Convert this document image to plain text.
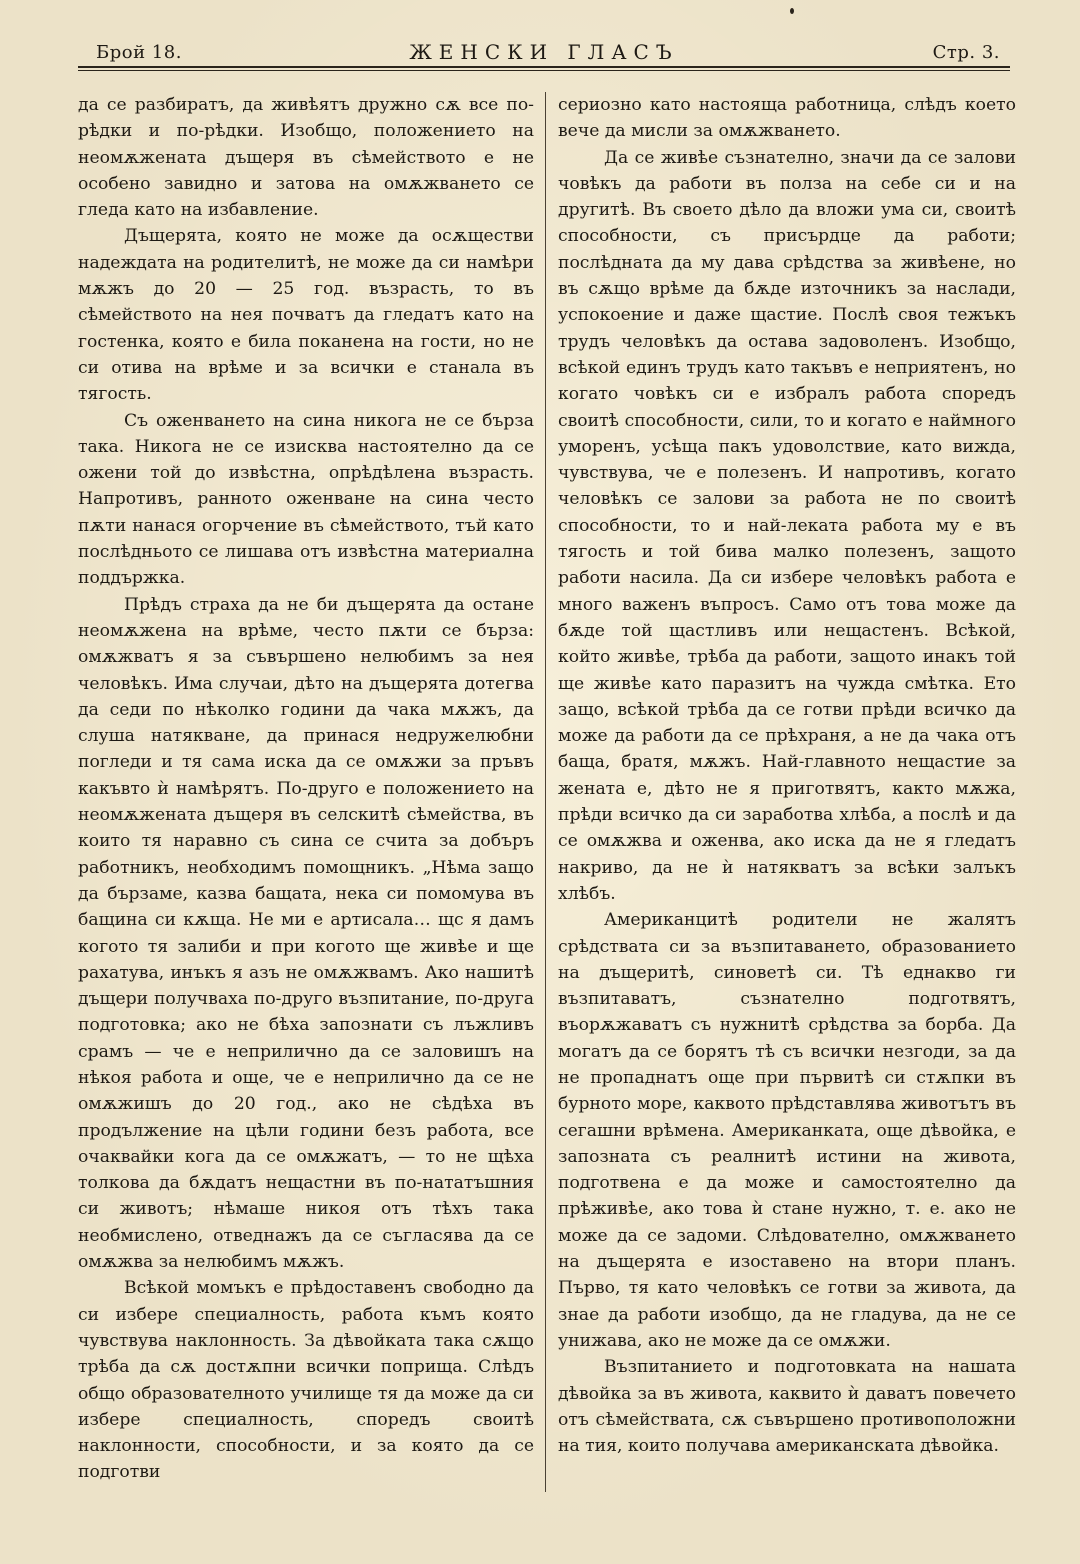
Брой 18.	ЖЕНСКИ ГЛАСЪ	Стр. 3.

да се разбиратъ, да живѣятъ дружно сѫ все по-рѣдки и по-рѣдки. Изобщо, положението на неомѫжената дъщеря въ сѣмейството е не особено завидно и затова на омѫжването се гледа като на избавление.

Дъщерята, която не може да осѫществи надеждата на родителитѣ, не може да си намѣри мѫжъ до 20 — 25 год. възрасть, то въ сѣмейството на нея почватъ да гледатъ като на гостенка, която е била поканена на гости, но не си отива на врѣме и за всички е станала въ тягость.

Съ оженването на сина никога не се бърза така. Никога не се изисква настоятелно да се ожени той до извѣстна, опрѣдѣлена възрасть. Напротивъ, ранното оженване на сина често пѫти нанася огорчение въ сѣмейството, тъй като послѣдньото се лишава отъ извѣстна материална поддържка.

Прѣдъ страха да не би дъщерята да остане неомѫжена на врѣме, често пѫти се бърза: омѫжватъ я за съвършено нелюбимъ за нея человѣкъ. Има случаи, дѣто на дъщерята дотегва да седи по нѣколко години да чака мѫжъ, да слуша натякване, да принася недружелюбни погледи и тя сама иска да се омѫжи за пръвъ какъвто ѝ намѣрятъ. По-другo е положението на неомѫжената дъщеря въ селскитѣ сѣмейства, въ които тя наравно съ сина се счита за добъръ работникъ, необходимъ помощникъ. „Нѣма защо да бързаме, казва бащата, нека си помомува въ бащина си кѫща. Не ми е артисала… щс я дамъ когото тя залиби и при когото ще живѣе и ще рахатува, инъкъ я азъ не омѫжвамъ. Ако нашитѣ дъщери получваха по-друго възпитание, по-друга подготовка; ако не бѣха запознати съ лъжливъ срамъ — че е неприлично да се заловишъ на нѣкоя работа и още, че е неприлично да се не омѫжишъ до 20 год., ако не сѣдѣха въ продължение на цѣли години безъ работа, все очаквайки кога да се омѫжатъ, — то не щѣха толкова да бѫдатъ нещастни въ по-нататъшния си животъ; нѣмаше никоя отъ тѣхъ така необмислено, отведнажъ да се съгласява да се омѫжва за нелюбимъ мѫжъ.

Всѣкой момъкъ е прѣдоставенъ свободно да си избере специалность, работа къмъ която чувствува наклонность. За дѣвойката така сѫщо трѣба да сѫ достѫпни всички поприща. Слѣдъ общо образователното училище тя да може да си избере специалность, споредъ своитѣ наклонности, способности, и за която да се подготви

сериозно като настояща работница, слѣдъ което вече да мисли за омѫжването.

Да се живѣе съзнателно, значи да се залови човѣкъ да работи въ полза на себе си и на другитѣ. Въ своето дѣло да вложи ума си, своитѣ способности, съ присърдце да работи; послѣдната да му дава срѣдства за живѣене, но въ сѫщо врѣме да бѫде източникъ за наслади, успокоение и даже щастие. Послѣ своя тежъкъ трудъ человѣкъ да остава задоволенъ. Изобщо, всѣкой единъ трудъ като такъвъ е неприятенъ, но когато човѣкъ си е избралъ работа споредъ своитѣ способности, сили, то и когато е наймного уморенъ, усѣща пакъ удоволствие, като вижда, чувствува, че е полезенъ. И напротивъ, когато человѣкъ се залови за работа не по своитѣ способности, то и най-леката работа му е въ тягость и той бива малко полезенъ, защото работи насила. Да си избере человѣкъ работа е много важенъ въпросъ. Само отъ това може да бѫде той щастливъ или нещастенъ. Всѣкой, който живѣе, трѣба да работи, защото инакъ той ще живѣе като паразитъ на чужда смѣтка. Ето защо, всѣкой трѣба да се готви прѣди всичко да може да работи да се прѣхраня, а не да чака отъ баща, братя, мѫжъ. Най-главното нещастие за жената е, дѣто не я приготвятъ, както мѫжа, прѣди всичко да си заработва хлѣба, а послѣ и да се омѫжва и оженва, ако иска да не я гледатъ накриво, да не ѝ натякватъ за всѣки залъкъ хлѣбъ.

Американцитѣ родители не жалятъ срѣдствата си за възпитаването, образованието на дъщеритѣ, синоветѣ си. Тѣ еднакво ги възпитаватъ, съзнателно подготвятъ, въорѫжаватъ съ нужнитѣ срѣдства за борба. Да могатъ да се борятъ тѣ съ всички незгоди, за да не пропаднатъ още при първитѣ си стѫпки въ бурното море, каквото прѣдставлява животътъ въ сегашни врѣмена. Американката, още дѣвойка, е запозната съ реалнитѣ истини на живота, подготвена е да може и самостоятелно да прѣживѣе, ако това ѝ стане нужно, т. е. ако не може да се задоми. Слѣдователно, омѫжването на дъщерята е изоставено на втори планъ. Първо, тя като человѣкъ се готви за живота, да знае да работи изобщо, да не гладува, да не се унижава, ако не може да се омѫжи.

Възпитанието и подготовката на нашата дѣвойка за въ живота, каквито ѝ даватъ повечето отъ сѣмействата, сѫ съвършено противоположни на тия, които получава американската дѣвойка.
